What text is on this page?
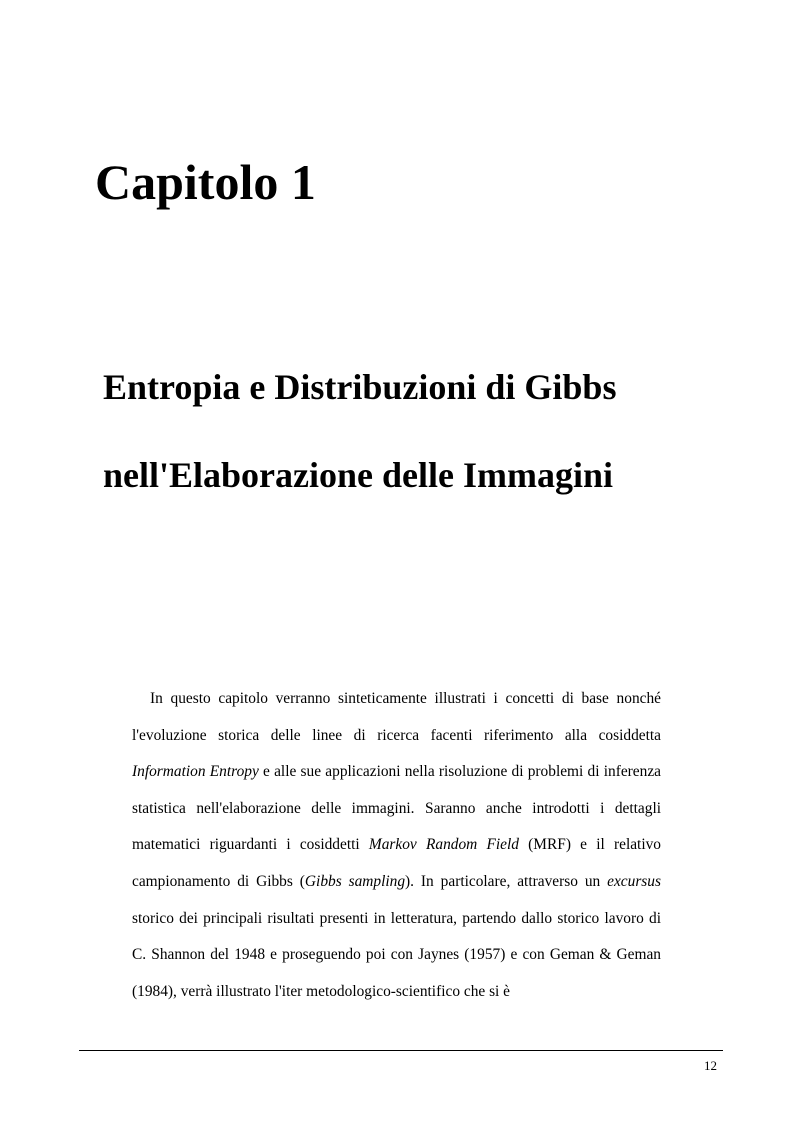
Capitolo 1
Entropia e Distribuzioni di Gibbs
nell'Elaborazione delle Immagini

In questo capitolo verranno sinteticamente illustrati i concetti di base nonché l'evoluzione storica delle linee di ricerca facenti riferimento alla cosiddetta Information Entropy e alle sue applicazioni nella risoluzione di problemi di inferenza statistica nell'elaborazione delle immagini. Saranno anche introdotti i dettagli matematici riguardanti i cosiddetti Markov Random Field (MRF) e il relativo campionamento di Gibbs (Gibbs sampling). In particolare, attraverso un excursus storico dei principali risultati presenti in letteratura, partendo dallo storico lavoro di C. Shannon del 1948 e proseguendo poi con Jaynes (1957) e con Geman & Geman (1984), verrà illustrato l'iter metodologico-scientifico che si è

12
